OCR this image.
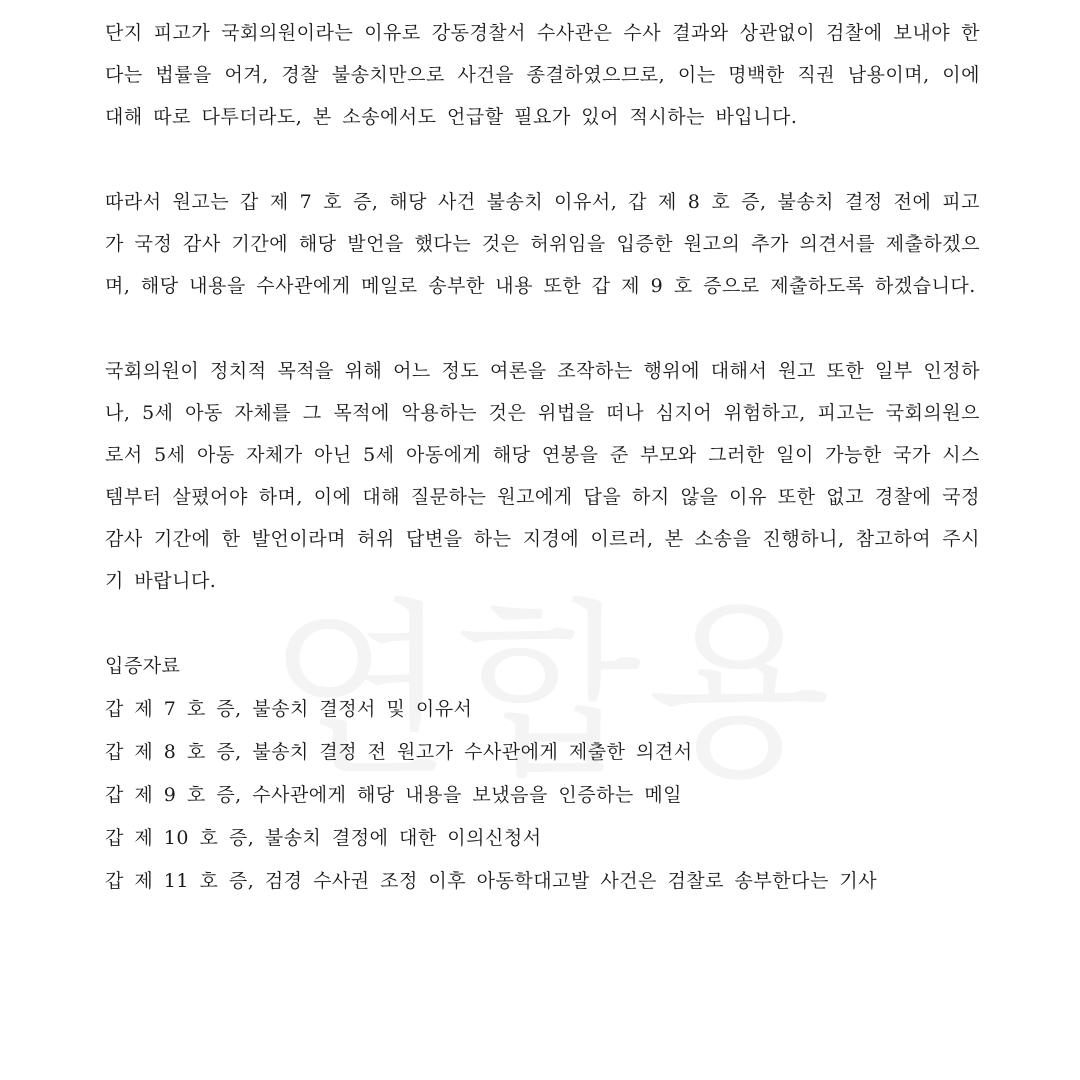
단지 피고가 국회의원이라는 이유로 강동경찰서 수사관은 수사 결과와 상관없이 검찰에 보내야 한다는 법률을 어겨, 경찰 불송치만으로 사건을 종결하였으므로, 이는 명백한 직권 남용이며, 이에 대해 따로 다투더라도, 본 소송에서도 언급할 필요가 있어 적시하는 바입니다.

따라서 원고는 갑 제 7 호 증, 해당 사건 불송치 이유서, 갑 제 8 호 증, 불송치 결정 전에 피고가 국정 감사 기간에 해당 발언을 했다는 것은 허위임을 입증한 원고의 추가 의견서를 제출하겠으며, 해당 내용을 수사관에게 메일로 송부한 내용 또한 갑 제 9 호 증으로 제출하도록 하겠습니다.

국회의원이 정치적 목적을 위해 어느 정도 여론을 조작하는 행위에 대해서 원고 또한 일부 인정하나, 5세 아동 자체를 그 목적에 악용하는 것은 위법을 떠나 심지어 위험하고, 피고는 국회의원으로서 5세 아동 자체가 아닌 5세 아동에게 해당 연봉을 준 부모와 그러한 일이 가능한 국가 시스템부터 살폈어야 하며, 이에 대해 질문하는 원고에게 답을 하지 않을 이유 또한 없고 경찰에 국정 감사 기간에 한 발언이라며 허위 답변을 하는 지경에 이르러, 본 소송을 진행하니, 참고하여 주시기 바랍니다.

입증자료

갑 제 7 호 증, 불송치 결정서 및 이유서
갑 제 8 호 증, 불송치 결정 전 원고가 수사관에게 제출한 의견서
갑 제 9 호 증, 수사관에게 해당 내용을 보냈음을 인증하는 메일
갑 제 10 호 증, 불송치 결정에 대한 이의신청서
갑 제 11 호 증, 검경 수사권 조정 이후 아동학대고발 사건은 검찰로 송부한다는 기사
